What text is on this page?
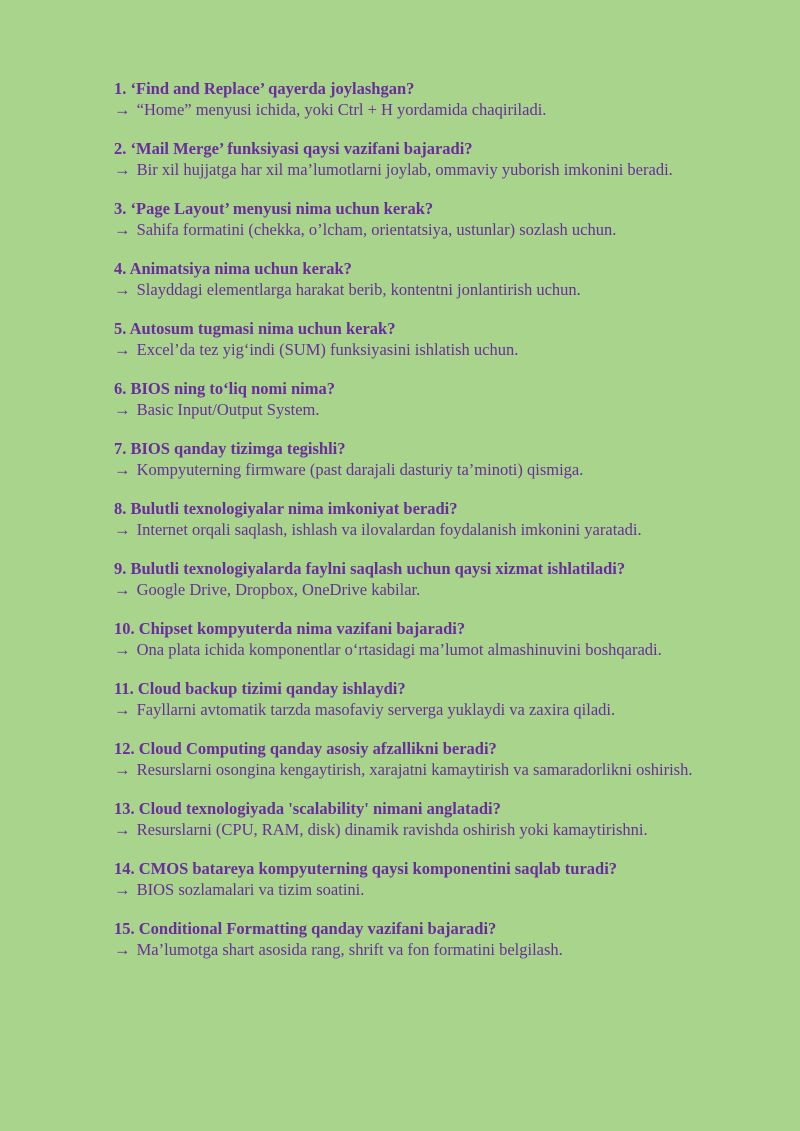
1. ‘Find and Replace’ qayerda joylashgan?
→ “Home” menyusi ichida, yoki Ctrl + H yordamida chaqiriladi.
2. ‘Mail Merge’ funksiyasi qaysi vazifani bajaradi?
→ Bir xil hujjatga har xil ma’lumotlarni joylab, ommaviy yuborish imkonini beradi.
3. ‘Page Layout’ menyusi nima uchun kerak?
→ Sahifa formatini (chekka, o’lcham, orientatsiya, ustunlar) sozlash uchun.
4. Animatsiya nima uchun kerak?
→ Slayddagi elementlarga harakat berib, kontentni jonlantirish uchun.
5. Autosum tugmasi nima uchun kerak?
→ Excel’da tez yig‘indi (SUM) funksiyasini ishlatish uchun.
6. BIOS ning to‘liq nomi nima?
→ Basic Input/Output System.
7. BIOS qanday tizimga tegishli?
→ Kompyuterning firmware (past darajali dasturiy ta’minoti) qismiga.
8. Bulutli texnologiyalar nima imkoniyat beradi?
→ Internet orqali saqlash, ishlash va ilovalardan foydalanish imkonini yaratadi.
9. Bulutli texnologiyalarda faylni saqlash uchun qaysi xizmat ishlatiladi?
→ Google Drive, Dropbox, OneDrive kabilar.
10. Chipset kompyuterda nima vazifani bajaradi?
→ Ona plata ichida komponentlar o‘rtasidagi ma’lumot almashinuvini boshqaradi.
11. Cloud backup tizimi qanday ishlaydi?
→ Fayllarni avtomatik tarzda masofaviy serverga yuklaydi va zaxira qiladi.
12. Cloud Computing qanday asosiy afzallikni beradi?
→ Resurslarni osongina kengaytirish, xarajatni kamaytirish va samaradorlikni oshirish.
13. Cloud texnologiyada 'scalability' nimani anglatadi?
→ Resurslarni (CPU, RAM, disk) dinamik ravishda oshirish yoki kamaytirishni.
14. CMOS batareya kompyuterning qaysi komponentini saqlab turadi?
→ BIOS sozlamalari va tizim soatini.
15. Conditional Formatting qanday vazifani bajaradi?
→ Ma’lumotga shart asosida rang, shrift va fon formatini belgilash.
